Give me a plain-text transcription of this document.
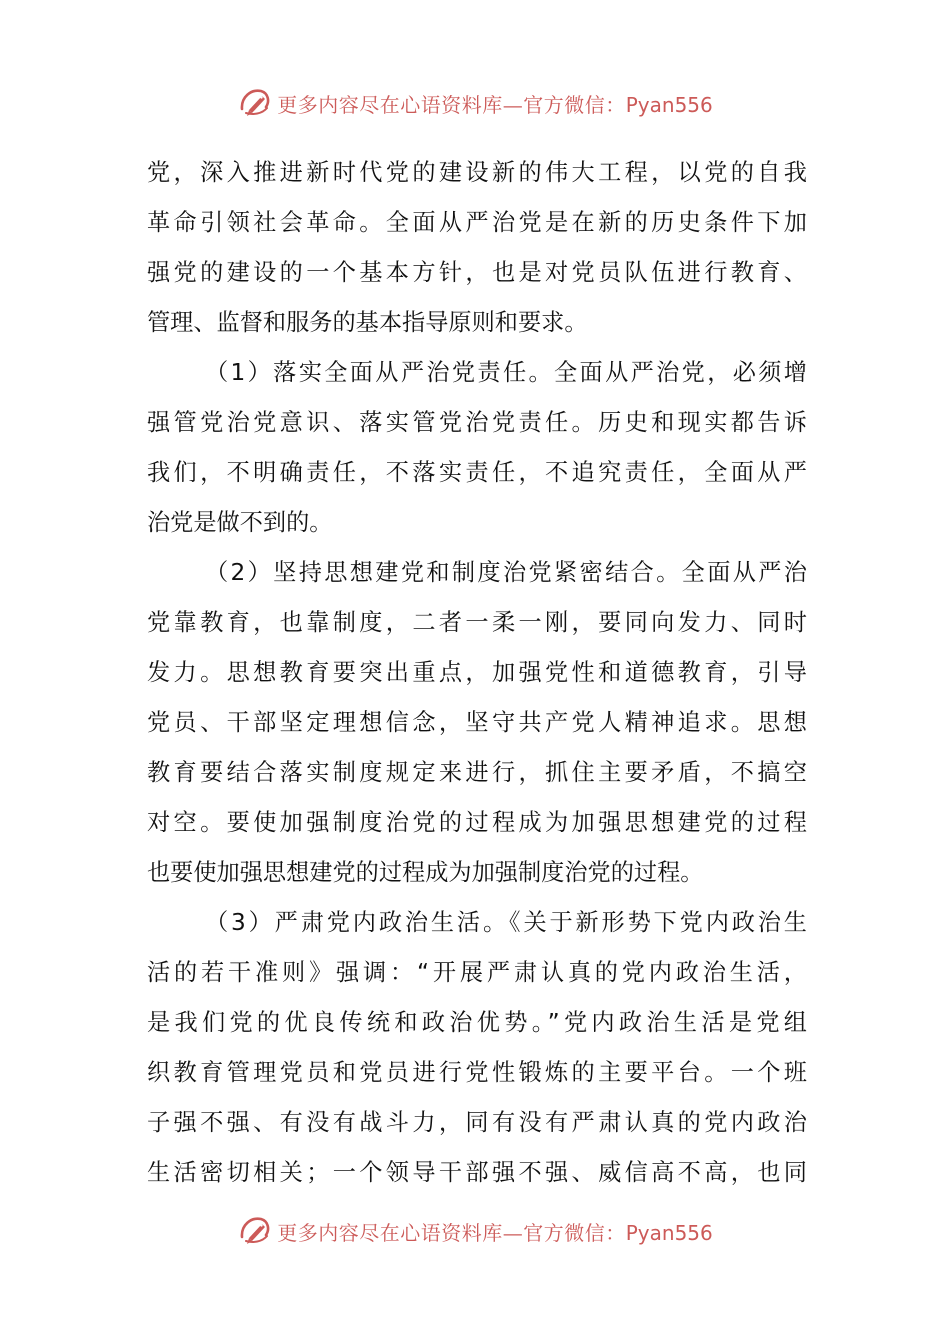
更多内容尽在心语资料库—官方微信：Pyan556
党，深入推进新时代党的建设新的伟大工程，以党的自我
革命引领社会革命。全面从严治党是在新的历史条件下加
强党的建设的一个基本方针，也是对党员队伍进行教育、
管理、监督和服务的基本指导原则和要求。
（1）落实全面从严治党责任。全面从严治党，必须增
强管党治党意识、落实管党治党责任。历史和现实都告诉
我们，不明确责任，不落实责任，不追究责任，全面从严
治党是做不到的。
（2）坚持思想建党和制度治党紧密结合。全面从严治
党靠教育，也靠制度，二者一柔一刚，要同向发力、同时
发力。思想教育要突出重点，加强党性和道德教育，引导
党员、干部坚定理想信念，坚守共产党人精神追求。思想
教育要结合落实制度规定来进行，抓住主要矛盾，不搞空
对空。要使加强制度治党的过程成为加强思想建党的过程
也要使加强思想建党的过程成为加强制度治党的过程。
（3）严肃党内政治生活。《关于新形势下党内政治生
活的若干准则》强调：“开展严肃认真的党内政治生活，
是我们党的优良传统和政治优势。”党内政治生活是党组
织教育管理党员和党员进行党性锻炼的主要平台。一个班
子强不强、有没有战斗力，同有没有严肃认真的党内政治
生活密切相关；一个领导干部强不强、威信高不高，也同
更多内容尽在心语资料库—官方微信：Pyan556
